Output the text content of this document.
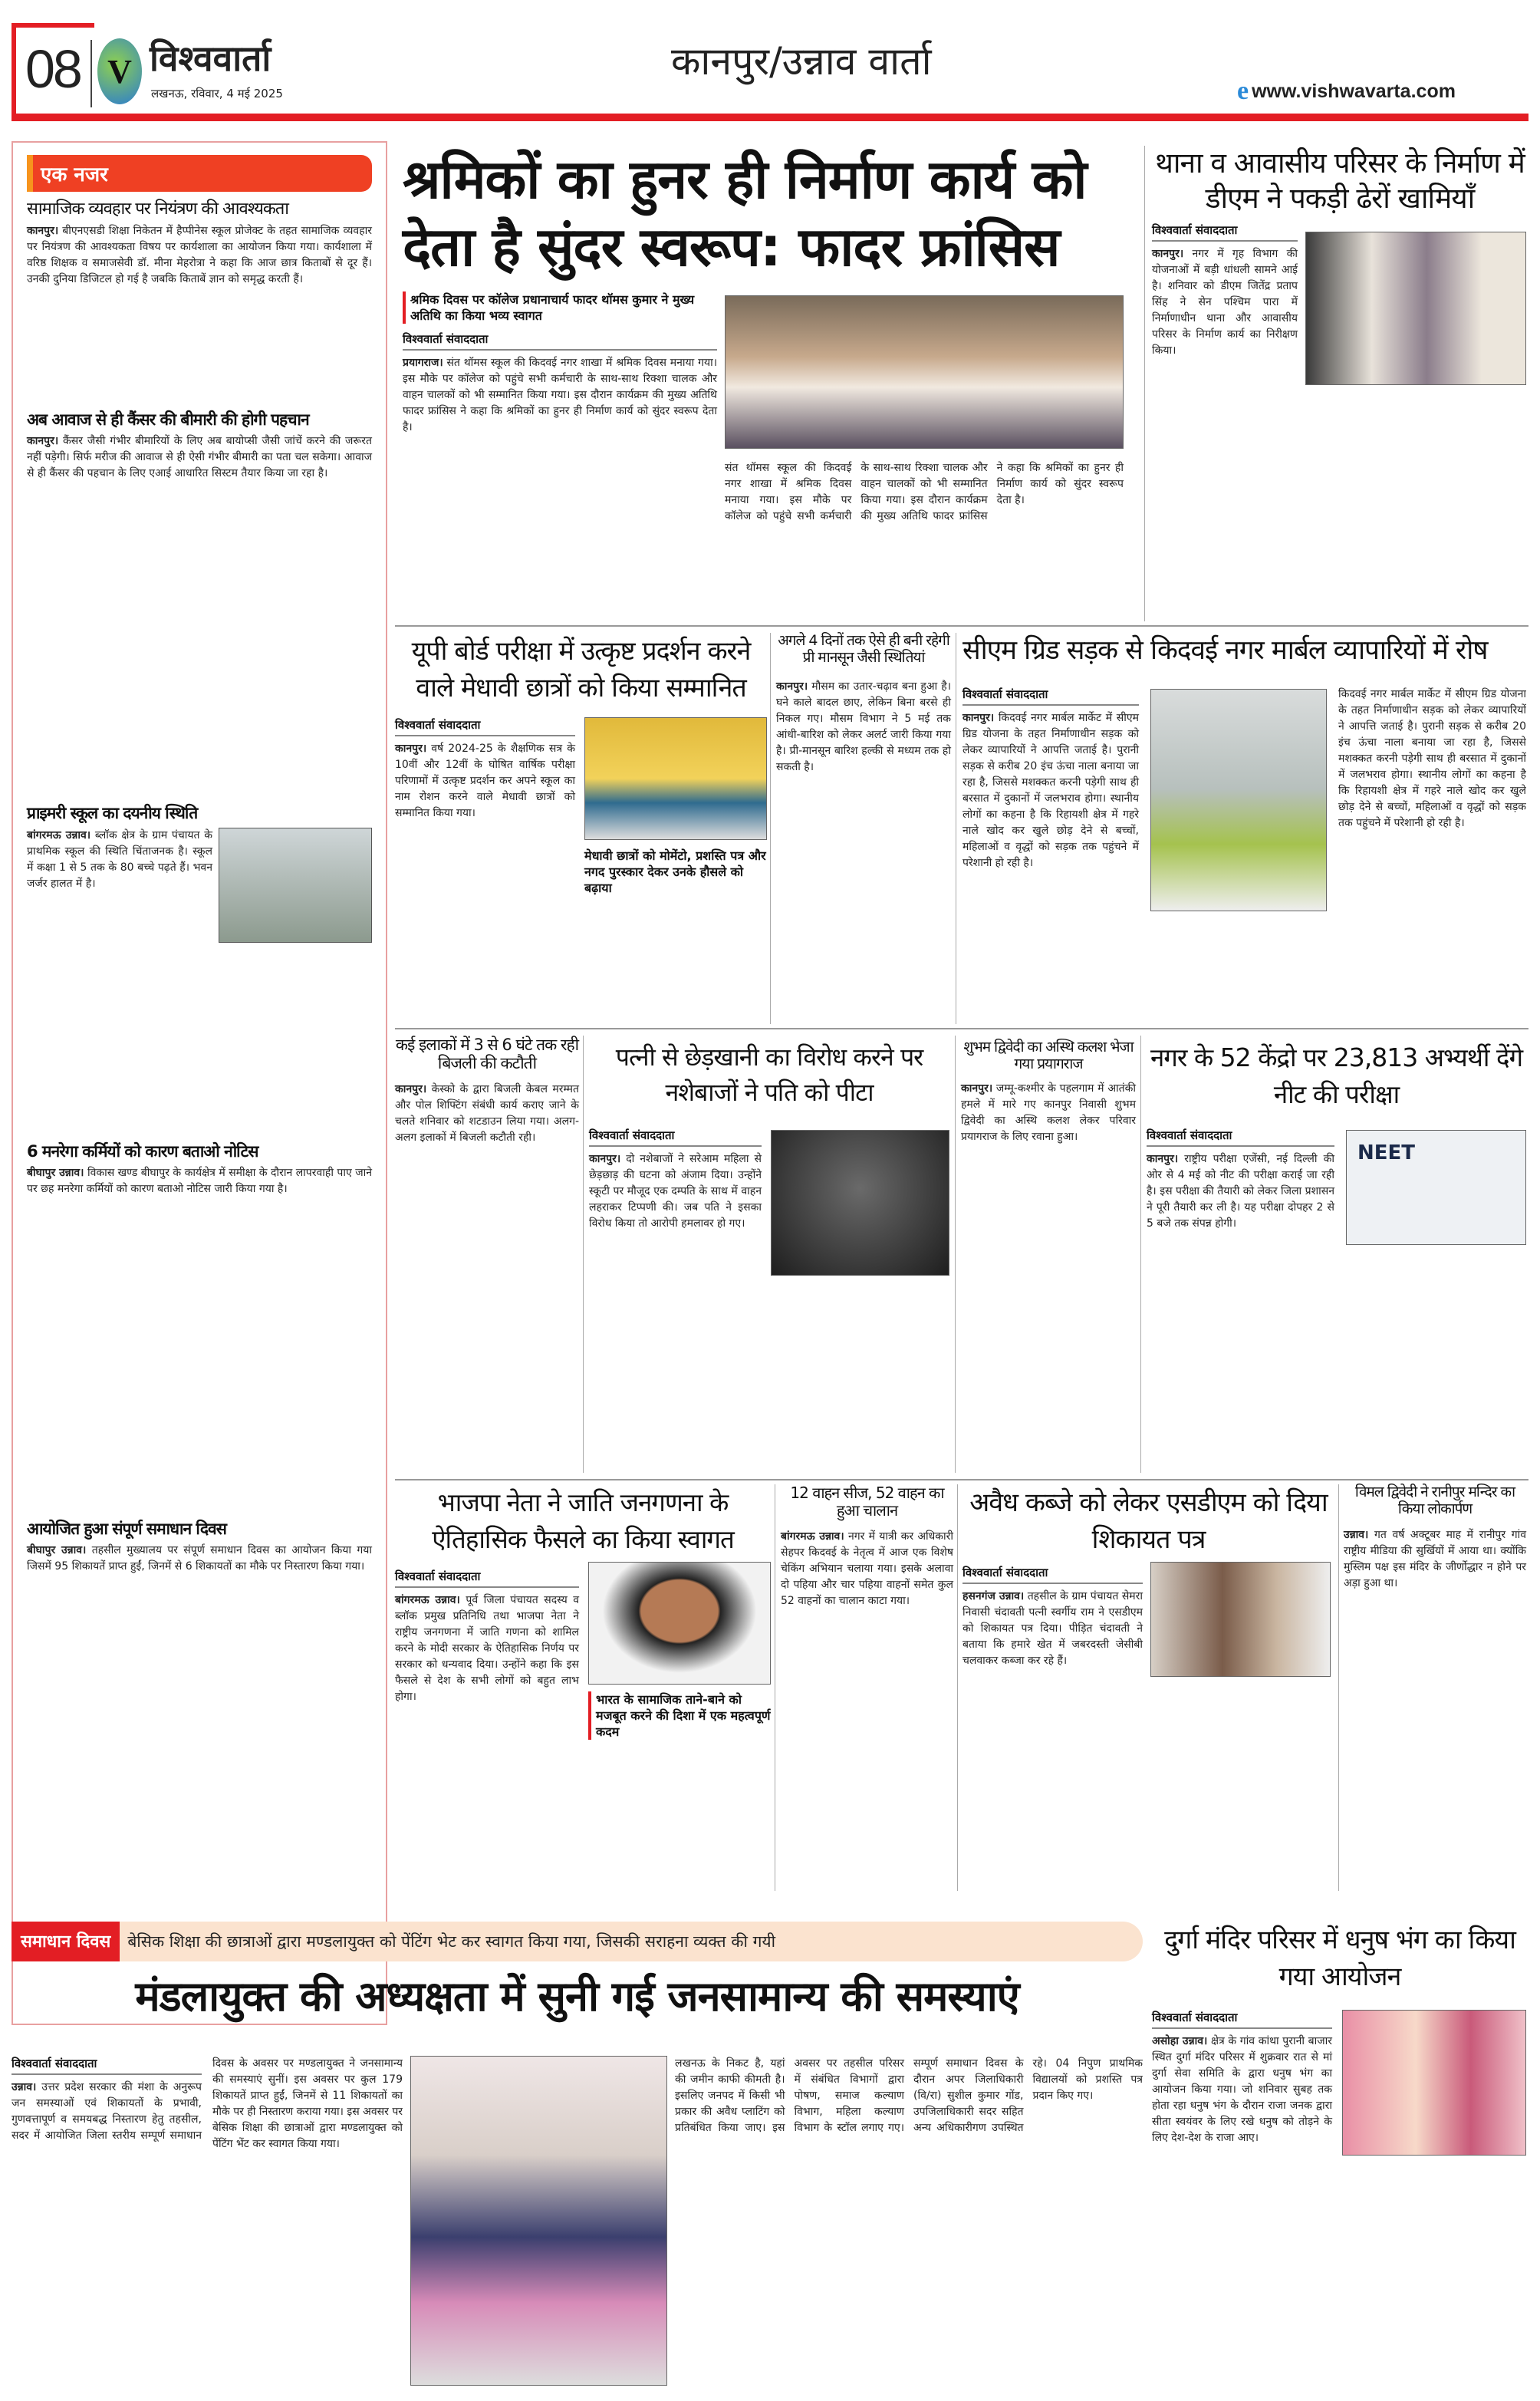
08 V विश्ववार्ता
लखनऊ, रविवार, 4 मई 2025
कानपुर/उन्नाव वार्ता
e www.vishwavarta.com
एक नजर
सामाजिक व्यवहार पर नियंत्रण की आवश्यकता
कानपुर। बीएनएसडी शिक्षा निकेतन में हैप्पीनेस स्कूल प्रोजेक्ट के तहत सामाजिक व्यवहार पर नियंत्रण की आवश्यकता विषय पर कार्यशाला का आयोजन किया गया। कार्यशाला में वरिष्ठ शिक्षक व समाजसेवी डॉ. मीना मेहरोत्रा ने कहा कि आज छात्र किताबों से दूर हैं। उनकी दुनिया डिजिटल हो गई है जबकि किताबें ज्ञान को समृद्ध करती हैं।
अब आवाज से ही कैंसर की बीमारी की होगी पहचान
कानपुर। कैंसर जैसी गंभीर बीमारियों के लिए अब बायोप्सी जैसी जांचें करने की जरूरत नहीं पड़ेगी। सिर्फ मरीज की आवाज से ही ऐसी गंभीर बीमारी का पता चल सकेगा। आवाज से ही कैंसर की पहचान के लिए एआई आधारित सिस्टम तैयार किया जा रहा है।
प्राइमरी स्कूल का दयनीय स्थिति
बांगरमऊ उन्नाव। ब्लॉक क्षेत्र के ग्राम पंचायत के प्राथमिक स्कूल की स्थिति चिंताजनक है। स्कूल में कक्षा 1 से 5 तक के 80 बच्चे पढ़ते हैं। भवन जर्जर हालत में है।
6 मनरेगा कर्मियों को कारण बताओ नोटिस
बीघापुर उन्नाव। विकास खण्ड बीघापुर के कार्यक्षेत्र में समीक्षा के दौरान लापरवाही पाए जाने पर छह मनरेगा कर्मियों को कारण बताओ नोटिस जारी किया गया है।
आयोजित हुआ संपूर्ण समाधान दिवस
बीघापुर उन्नाव। तहसील मुख्यालय पर संपूर्ण समाधान दिवस का आयोजन किया गया जिसमें 95 शिकायतें प्राप्त हुईं, जिनमें से 6 शिकायतों का मौके पर निस्तारण किया गया।
श्रमिकों का हुनर ही निर्माण कार्य को देता है सुंदर स्वरूप: फादर फ्रांसिस
श्रमिक दिवस पर कॉलेज प्रधानाचार्य फादर थॉमस कुमार ने मुख्य अतिथि का किया भव्य स्वागत
विश्ववार्ता संवाददाता
प्रयागराज। संत थॉमस स्कूल की किदवई नगर शाखा में श्रमिक दिवस मनाया गया। इस मौके पर कॉलेज को पहुंचे सभी कर्मचारी के साथ-साथ रिक्शा चालक और वाहन चालकों को भी सम्मानित किया गया। इस दौरान कार्यक्रम की मुख्य अतिथि फादर फ्रांसिस ने कहा कि श्रमिकों का हुनर ही निर्माण कार्य को सुंदर स्वरूप देता है।
संत थॉमस स्कूल की किदवई नगर शाखा में श्रमिक दिवस मनाया गया। इस मौके पर कॉलेज को पहुंचे सभी कर्मचारी के साथ-साथ रिक्शा चालक और वाहन चालकों को भी सम्मानित किया गया। इस दौरान कार्यक्रम की मुख्य अतिथि फादर फ्रांसिस ने कहा कि श्रमिकों का हुनर ही निर्माण कार्य को सुंदर स्वरूप देता है।
थाना व आवासीय परिसर के निर्माण में डीएम ने पकड़ी ढेरों खामियाँ
विश्ववार्ता संवाददाता
कानपुर। नगर में गृह विभाग की योजनाओं में बड़ी धांधली सामने आई है। शनिवार को डीएम जितेंद्र प्रताप सिंह ने सेन पश्चिम पारा में निर्माणाधीन थाना और आवासीय परिसर के निर्माण कार्य का निरीक्षण किया।
यूपी बोर्ड परीक्षा में उत्कृष्ट प्रदर्शन करने वाले मेधावी छात्रों को किया सम्मानित
विश्ववार्ता संवाददाता
कानपुर। वर्ष 2024-25 के शैक्षणिक सत्र के 10वीं और 12वीं के घोषित वार्षिक परीक्षा परिणामों में उत्कृष्ट प्रदर्शन कर अपने स्कूल का नाम रोशन करने वाले मेधावी छात्रों को सम्मानित किया गया।
मेधावी छात्रों को मोमेंटो, प्रशस्ति पत्र और नगद पुरस्कार देकर उनके हौसले को बढ़ाया
अगले 4 दिनों तक ऐसे ही बनी रहेगी प्री मानसून जैसी स्थितियां
कानपुर। मौसम का उतार-चढ़ाव बना हुआ है। घने काले बादल छाए, लेकिन बिना बरसे ही निकल गए। मौसम विभाग ने 5 मई तक आंधी-बारिश को लेकर अलर्ट जारी किया गया है। प्री-मानसून बारिश हल्की से मध्यम तक हो सकती है।
सीएम ग्रिड सड़क से किदवई नगर मार्बल व्यापारियों में रोष
विश्ववार्ता संवाददाता
कानपुर। किदवई नगर मार्बल मार्केट में सीएम ग्रिड योजना के तहत निर्माणाधीन सड़क को लेकर व्यापारियों ने आपत्ति जताई है। पुरानी सड़क से करीब 20 इंच ऊंचा नाला बनाया जा रहा है, जिससे मशक्कत करनी पड़ेगी साथ ही बरसात में दुकानों में जलभराव होगा। स्थानीय लोगों का कहना है कि रिहायशी क्षेत्र में गहरे नाले खोद कर खुले छोड़ देने से बच्चों, महिलाओं व वृद्धों को सड़क तक पहुंचने में परेशानी हो रही है।
किदवई नगर मार्बल मार्केट में सीएम ग्रिड योजना के तहत निर्माणाधीन सड़क को लेकर व्यापारियों ने आपत्ति जताई है। पुरानी सड़क से करीब 20 इंच ऊंचा नाला बनाया जा रहा है, जिससे मशक्कत करनी पड़ेगी साथ ही बरसात में दुकानों में जलभराव होगा। स्थानीय लोगों का कहना है कि रिहायशी क्षेत्र में गहरे नाले खोद कर खुले छोड़ देने से बच्चों, महिलाओं व वृद्धों को सड़क तक पहुंचने में परेशानी हो रही है।
कई इलाकों में 3 से 6 घंटे तक रही बिजली की कटौती
कानपुर। केस्को के द्वारा बिजली केबल मरम्मत और पोल शिफ्टिंग संबंधी कार्य कराए जाने के चलते शनिवार को शटडाउन लिया गया। अलग-अलग इलाकों में बिजली कटौती रही।
पत्नी से छेड़खानी का विरोध करने पर नशेबाजों ने पति को पीटा
विश्ववार्ता संवाददाता
कानपुर। दो नशेबाजों ने सरेआम महिला से छेड़छाड़ की घटना को अंजाम दिया। उन्होंने स्कूटी पर मौजूद एक दम्पति के साथ में वाहन लहराकर टिप्पणी की। जब पति ने इसका विरोध किया तो आरोपी हमलावर हो गए।
शुभम द्विवेदी का अस्थि कलश भेजा गया प्रयागराज
कानपुर। जम्मू-कश्मीर के पहलगाम में आतंकी हमले में मारे गए कानपुर निवासी शुभम द्विवेदी का अस्थि कलश लेकर परिवार प्रयागराज के लिए रवाना हुआ।
नगर के 52 केंद्रो पर 23,813 अभ्यर्थी देंगे नीट की परीक्षा
विश्ववार्ता संवाददाता
कानपुर। राष्ट्रीय परीक्षा एजेंसी, नई दिल्ली की ओर से 4 मई को नीट की परीक्षा कराई जा रही है। इस परीक्षा की तैयारी को लेकर जिला प्रशासन ने पूरी तैयारी कर ली है। यह परीक्षा दोपहर 2 से 5 बजे तक संपन्न होगी।
NEET
भाजपा नेता ने जाति जनगणना के ऐतिहासिक फैसले का किया स्वागत
विश्ववार्ता संवाददाता
बांगरमऊ उन्नाव। पूर्व जिला पंचायत सदस्य व ब्लॉक प्रमुख प्रतिनिधि तथा भाजपा नेता ने राष्ट्रीय जनगणना में जाति गणना को शामिल करने के मोदी सरकार के ऐतिहासिक निर्णय पर सरकार को धन्यवाद दिया। उन्होंने कहा कि इस फैसले से देश के सभी लोगों को बहुत लाभ होगा।	भारत के सामाजिक ताने-बाने को मजबूत करने की दिशा में एक महत्वपूर्ण कदम
12 वाहन सीज, 52 वाहन का हुआ चालान
बांगरमऊ उन्नाव। नगर में यात्री कर अधिकारी सेहपर किदवई के नेतृत्व में आज एक विशेष चेकिंग अभियान चलाया गया। इसके अलावा दो पहिया और चार पहिया वाहनों समेत कुल 52 वाहनों का चालान काटा गया।
अवैध कब्जे को लेकर एसडीएम को दिया शिकायत पत्र
विश्ववार्ता संवाददाता
हसनगंज उन्नाव। तहसील के ग्राम पंचायत सेमरा निवासी चंदावती पत्नी स्वर्गीय राम ने एसडीएम को शिकायत पत्र दिया। पीड़ित चंदावती ने बताया कि हमारे खेत में जबरदस्ती जेसीबी चलवाकर कब्जा कर रहे हैं।
विमल द्विवेदी ने रानीपुर मन्दिर का किया लोकार्पण
उन्नाव। गत वर्ष अक्टूबर माह में रानीपुर गांव राष्ट्रीय मीडिया की सुर्खियों में आया था। क्योंकि मुस्लिम पक्ष इस मंदिर के जीर्णोद्धार न होने पर अड़ा हुआ था।
समाधान दिवस	बेसिक शिक्षा की छात्राओं द्वारा मण्डलायुक्त को पेंटिंग भेट कर स्वागत किया गया, जिसकी सराहना व्यक्त की गयी
मंडलायुक्त की अध्यक्षता में सुनी गई जनसामान्य की समस्याएं
विश्ववार्ता संवाददाता
उन्नाव। उत्तर प्रदेश सरकार की मंशा के अनुरूप जन समस्याओं एवं शिकायतों के प्रभावी, गुणवत्तापूर्ण व समयबद्ध निस्तारण हेतु तहसील, सदर में आयोजित जिला स्तरीय सम्पूर्ण समाधान दिवस के अवसर पर मण्डलायुक्त ने जनसामान्य की समस्याएं सुनीं। इस अवसर पर कुल 179 शिकायतें प्राप्त हुईं, जिनमें से 11 शिकायतों का मौके पर ही निस्तारण कराया गया। इस अवसर पर बेसिक शिक्षा की छात्राओं द्वारा मण्डलायुक्त को पेंटिंग भेंट कर स्वागत किया गया।
लखनऊ के निकट है, यहां की जमीन काफी कीमती है। इसलिए जनपद में किसी भी प्रकार की अवैध प्लाटिंग को प्रतिबंधित किया जाए। इस अवसर पर तहसील परिसर में संबंधित विभागों द्वारा पोषण, समाज कल्याण विभाग, महिला कल्याण विभाग के स्टॉल लगाए गए। सम्पूर्ण समाधान दिवस के दौरान अपर जिलाधिकारी (वि/रा) सुशील कुमार गोंड, उपजिलाधिकारी सदर सहित अन्य अधिकारीगण उपस्थित रहे। 04 निपुण प्राथमिक विद्यालयों को प्रशस्ति पत्र प्रदान किए गए।
दुर्गा मंदिर परिसर में धनुष भंग का किया गया आयोजन
विश्ववार्ता संवाददाता
असोहा उन्नाव। क्षेत्र के गांव कांथा पुरानी बाजार स्थित दुर्गा मंदिर परिसर में शुक्रवार रात से मां दुर्गा सेवा समिति के द्वारा धनुष भंग का आयोजन किया गया। जो शनिवार सुबह तक होता रहा धनुष भंग के दौरान राजा जनक द्वारा सीता स्वयंवर के लिए रखे धनुष को तोड़ने के लिए देश-देश के राजा आए।
